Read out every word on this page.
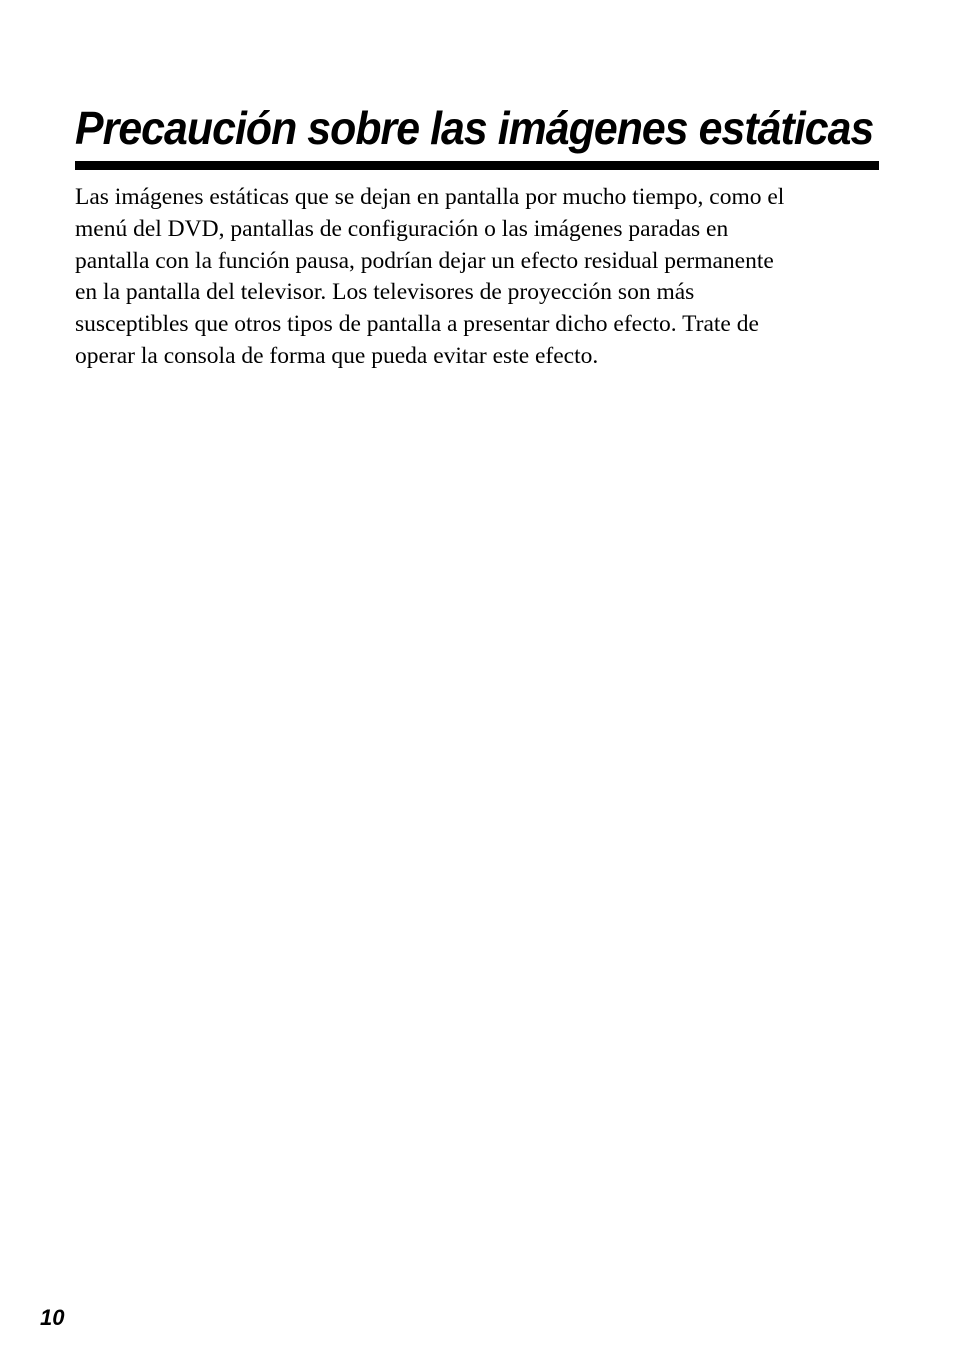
Precaución sobre las imágenes estáticas

Las imágenes estáticas que se dejan en pantalla por mucho tiempo, como el
menú del DVD, pantallas de configuración o las imágenes paradas en
pantalla con la función pausa, podrían dejar un efecto residual permanente
en la pantalla del televisor. Los televisores de proyección son más
susceptibles que otros tipos de pantalla a presentar dicho efecto. Trate de
operar la consola de forma que pueda evitar este efecto.

10
